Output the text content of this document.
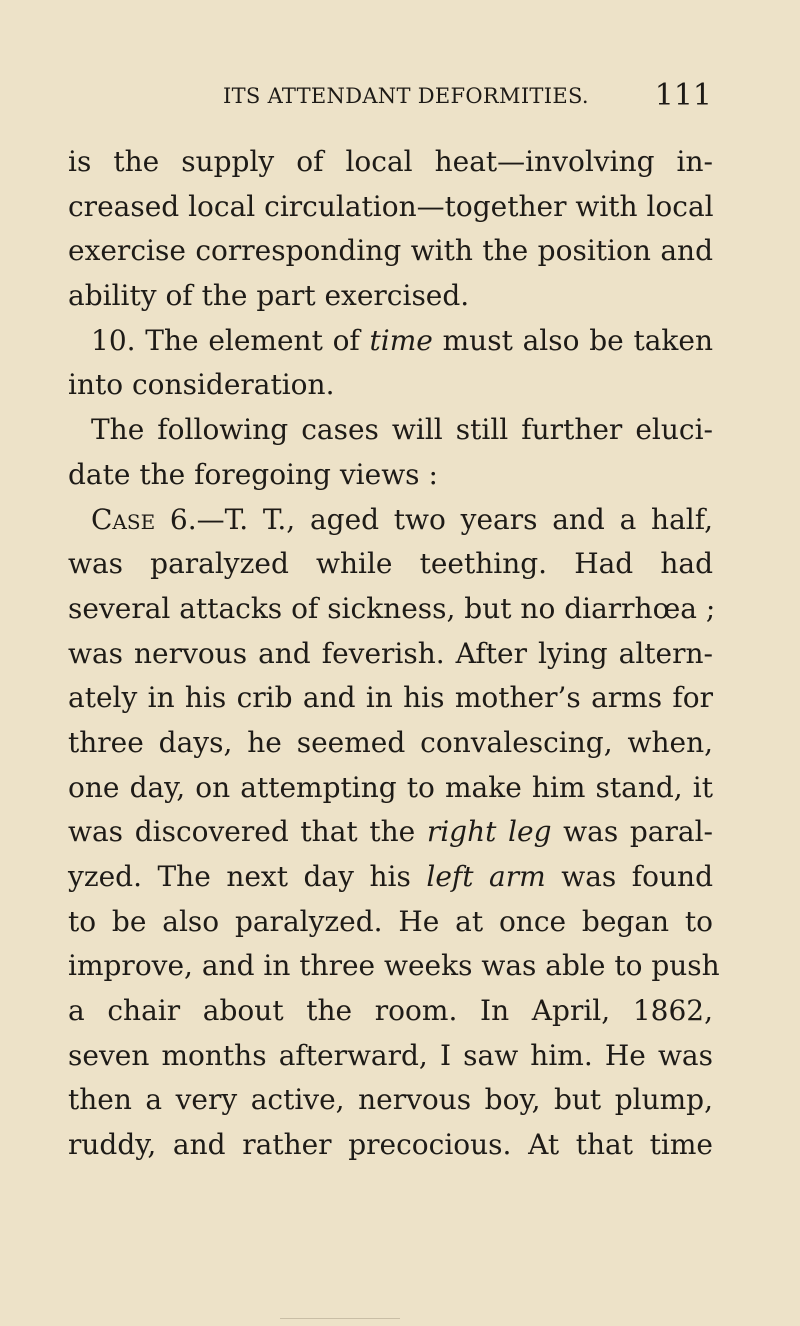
ITS ATTENDANT DEFORMITIES. 111
is the supply of local heat—involving in-
creased local circulation—together with local
exercise corresponding with the position and
ability of the part exercised.
10. The element of time must also be taken
into consideration.
The following cases will still further eluci-
date the foregoing views :
Case 6.—T. T., aged two years and a half,
was paralyzed while teething. Had had
several attacks of sickness, but no diarrhœa ;
was nervous and feverish. After lying altern-
ately in his crib and in his mother’s arms for
three days, he seemed convalescing, when,
one day, on attempting to make him stand, it
was discovered that the right leg was paral-
yzed. The next day his left arm was found
to be also paralyzed. He at once began to
improve, and in three weeks was able to push
a chair about the room. In April, 1862,
seven months afterward, I saw him. He was
then a very active, nervous boy, but plump,
ruddy, and rather precocious. At that time
